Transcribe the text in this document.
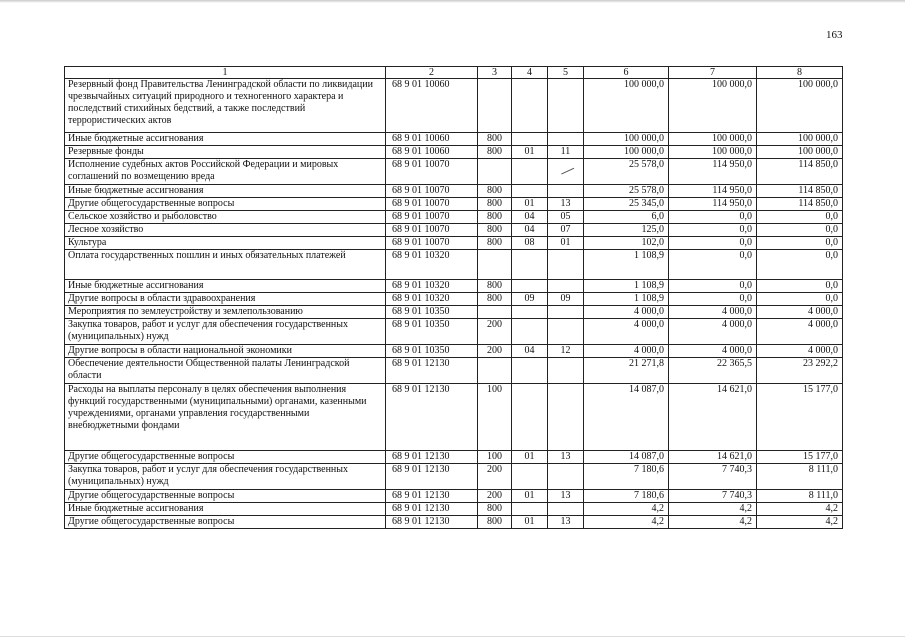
163
1	2	3	4	5	6	7	8
Резервный фонд Правительства Ленинградской области по ликвидации чрезвычайных ситуаций природного и техногенного характера и последствий стихийных бедствий, а также последствий террористических актов	68 9 01 10060				100 000,0	100 000,0	100 000,0
Иные бюджетные ассигнования	68 9 01 10060	800			100 000,0	100 000,0	100 000,0
Резервные фонды	68 9 01 10060	800	01	11	100 000,0	100 000,0	100 000,0
Исполнение судебных актов Российской Федерации и мировых соглашений по возмещению вреда	68 9 01 10070				25 578,0	114 950,0	114 850,0
Иные бюджетные ассигнования	68 9 01 10070	800			25 578,0	114 950,0	114 850,0
Другие общегосударственные вопросы	68 9 01 10070	800	01	13	25 345,0	114 950,0	114 850,0
Сельское хозяйство и рыболовство	68 9 01 10070	800	04	05	6,0	0,0	0,0
Лесное хозяйство	68 9 01 10070	800	04	07	125,0	0,0	0,0
Культура	68 9 01 10070	800	08	01	102,0	0,0	0,0
Оплата государственных пошлин и иных обязательных платежей	68 9 01 10320				1 108,9	0,0	0,0
Иные бюджетные ассигнования	68 9 01 10320	800			1 108,9	0,0	0,0
Другие вопросы в области здравоохранения	68 9 01 10320	800	09	09	1 108,9	0,0	0,0
Мероприятия по землеустройству и землепользованию	68 9 01 10350				4 000,0	4 000,0	4 000,0
Закупка товаров, работ и услуг для обеспечения государственных (муниципальных) нужд	68 9 01 10350	200			4 000,0	4 000,0	4 000,0
Другие вопросы в области национальной экономики	68 9 01 10350	200	04	12	4 000,0	4 000,0	4 000,0
Обеспечение деятельности Общественной палаты Ленинградской области	68 9 01 12130				21 271,8	22 365,5	23 292,2
Расходы на выплаты персоналу в целях обеспечения выполнения функций государственными (муниципальными) органами, казенными учреждениями, органами управления государственными внебюджетными фондами	68 9 01 12130	100			14 087,0	14 621,0	15 177,0
Другие общегосударственные вопросы	68 9 01 12130	100	01	13	14 087,0	14 621,0	15 177,0
Закупка товаров, работ и услуг для обеспечения государственных (муниципальных) нужд	68 9 01 12130	200			7 180,6	7 740,3	8 111,0
Другие общегосударственные вопросы	68 9 01 12130	200	01	13	7 180,6	7 740,3	8 111,0
Иные бюджетные ассигнования	68 9 01 12130	800			4,2	4,2	4,2
Другие общегосударственные вопросы	68 9 01 12130	800	01	13	4,2	4,2	4,2
